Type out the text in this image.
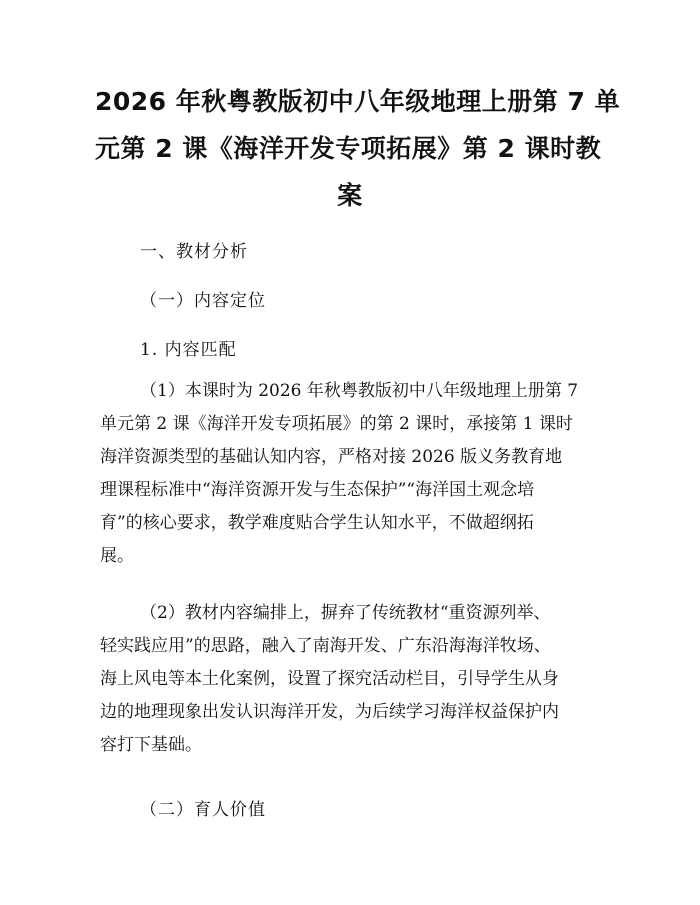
2026 年秋粤教版初中八年级地理上册第 7 单
元第 2 课《海洋开发专项拓展》第 2 课时教
案
一、教材分析
（一）内容定位
1. 内容匹配
（1）本课时为 2026 年秋粤教版初中八年级地理上册第 7
单元第 2 课《海洋开发专项拓展》的第 2 课时，承接第 1 课时
海洋资源类型的基础认知内容，严格对接 2026 版义务教育地
理课程标准中“海洋资源开发与生态保护”“海洋国土观念培
育”的核心要求，教学难度贴合学生认知水平，不做超纲拓
展。
（2）教材内容编排上，摒弃了传统教材“重资源列举、
轻实践应用”的思路，融入了南海开发、广东沿海海洋牧场、
海上风电等本土化案例，设置了探究活动栏目，引导学生从身
边的地理现象出发认识海洋开发，为后续学习海洋权益保护内
容打下基础。
（二）育人价值
